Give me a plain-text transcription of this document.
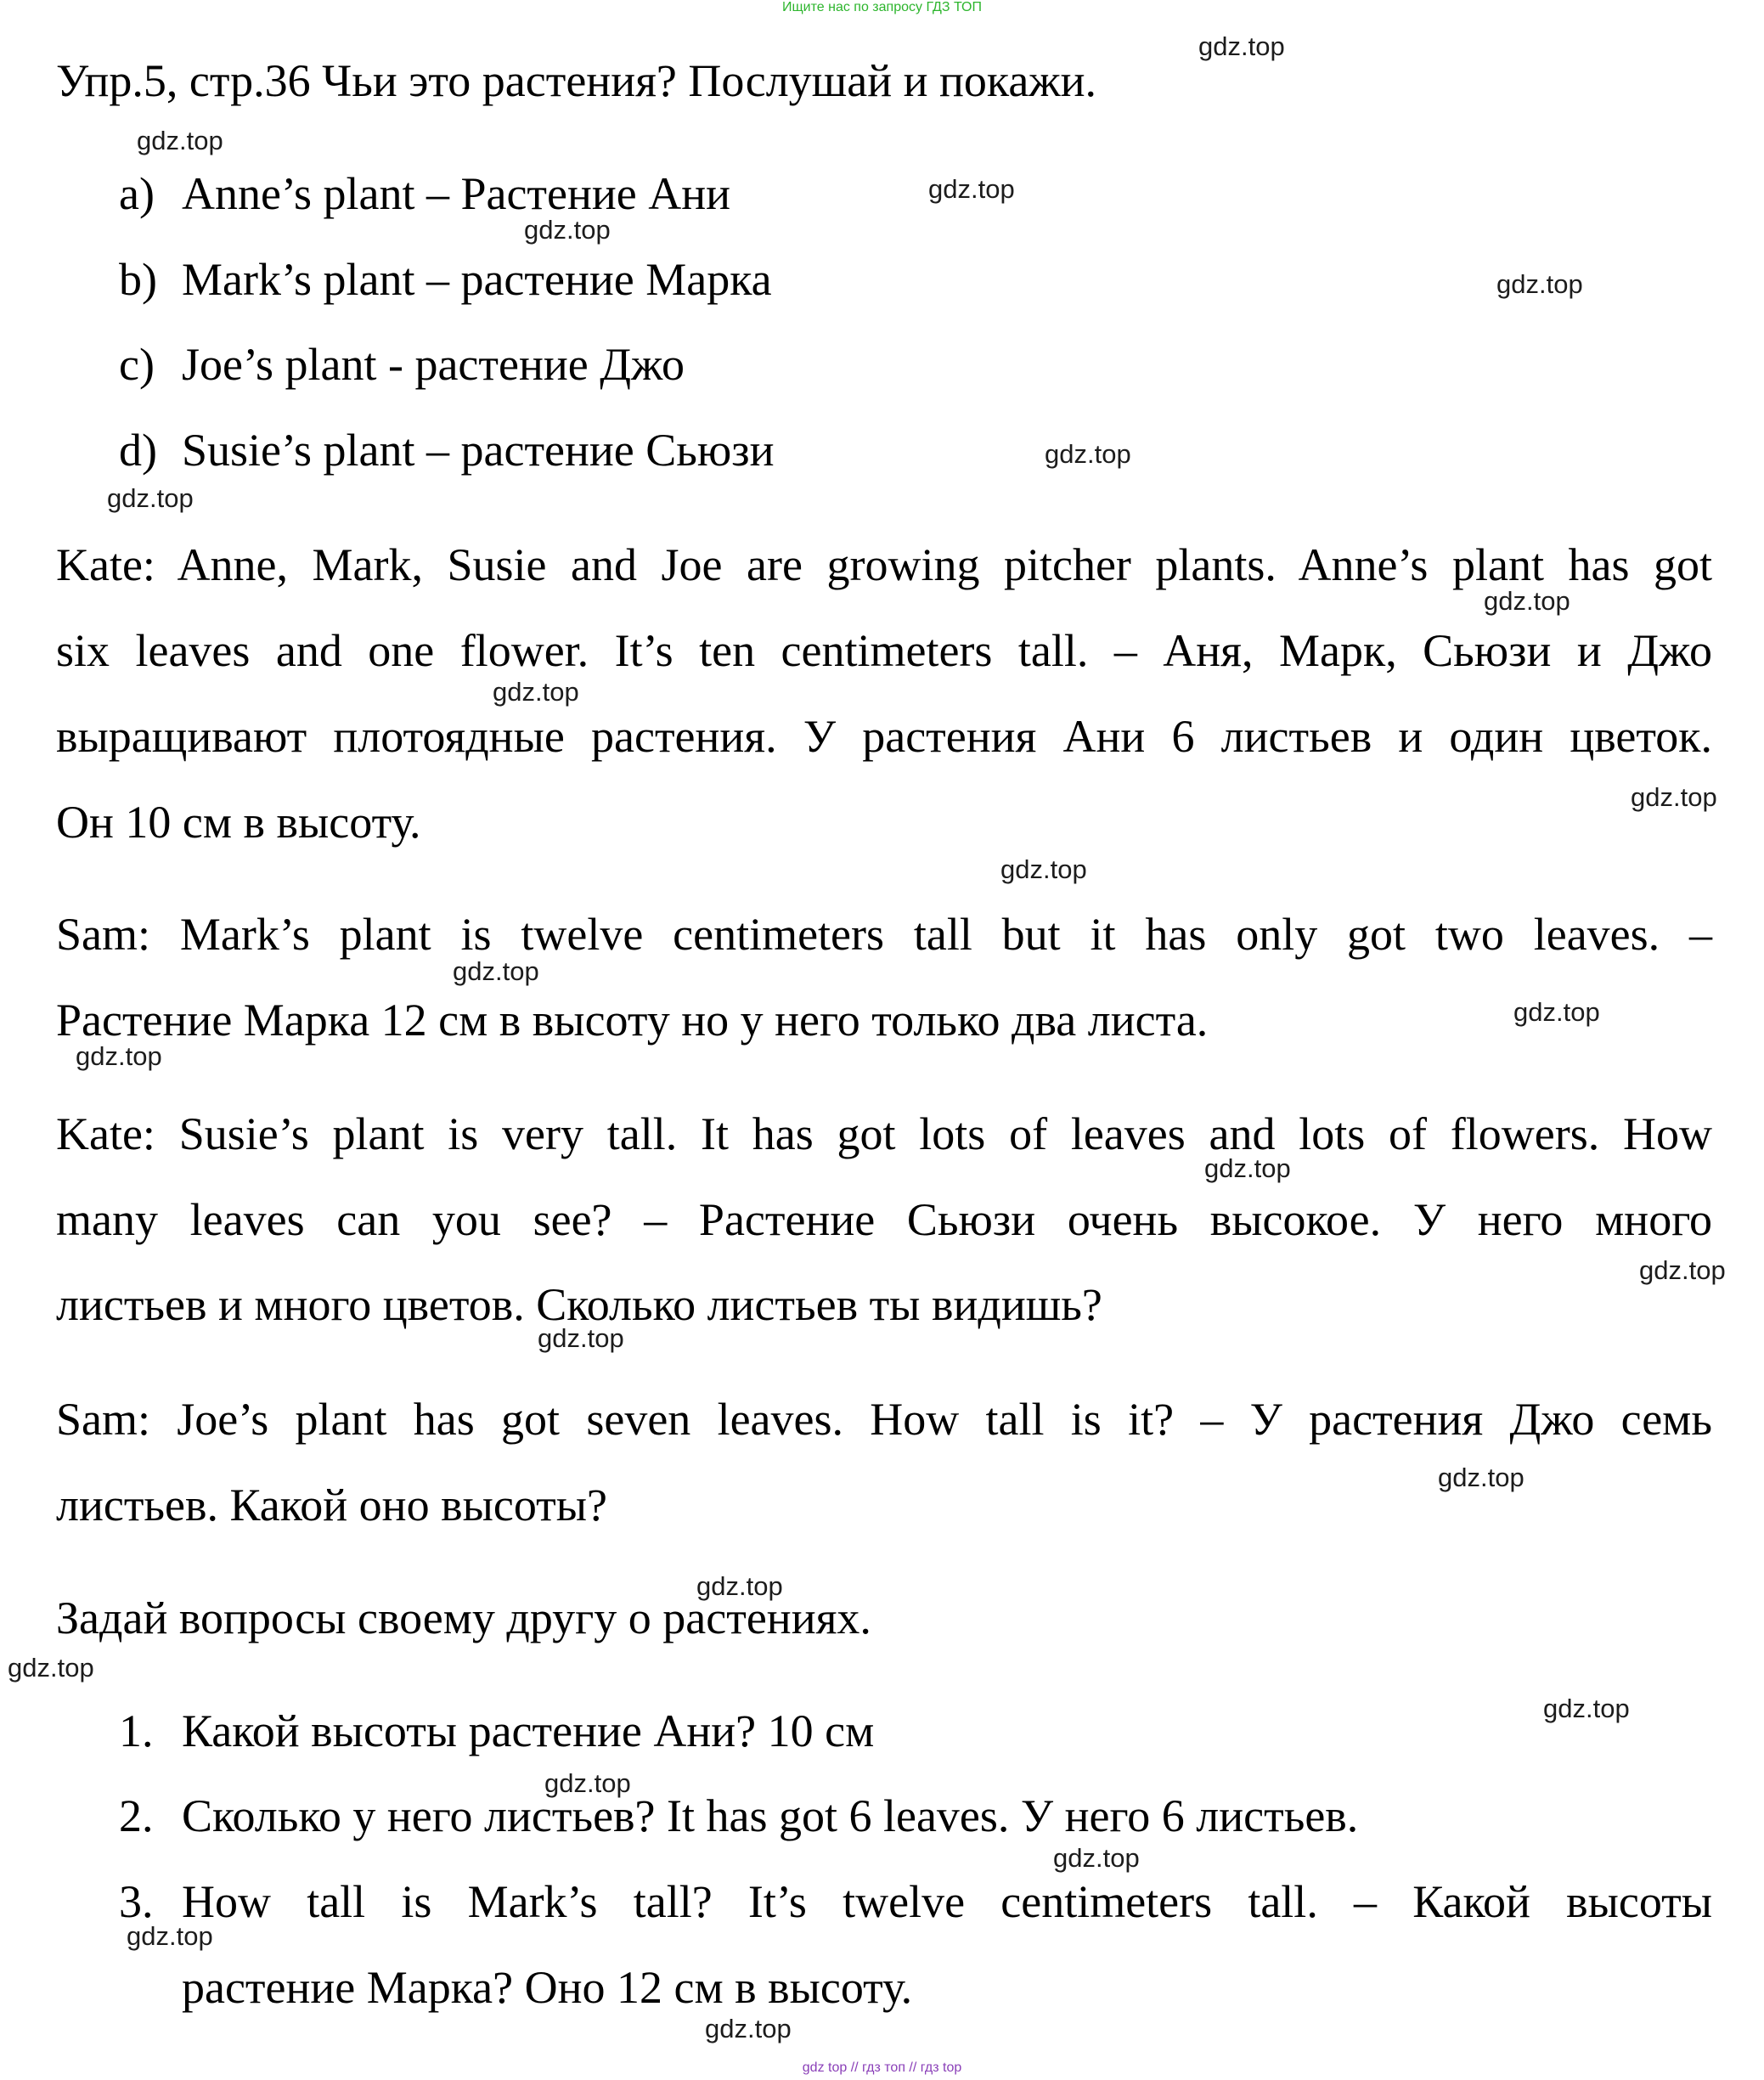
Ищите нас по запросу ГДЗ ТОП
Упр.5, стр.36 Чьи это растения? Послушай и покажи.
a) Anne’s plant – Растение Ани
b) Mark’s plant – растение Марка
c) Joe’s plant - растение Джо
d) Susie’s plant – растение Сьюзи
Kate: Anne, Mark, Susie and Joe are growing pitcher plants. Anne’s plant has got
six leaves and one flower. It’s ten centimeters tall. – Аня, Марк, Сьюзи и Джо
выращивают плотоядные растения. У растения Ани 6 листьев и один цветок.
Он 10 см в высоту.
Sam: Mark’s plant is twelve centimeters tall but it has only got two leaves. –
Растение Марка 12 см в высоту но у него только два листа.
Kate: Susie’s plant is very tall. It has got lots of leaves and lots of flowers. How
many leaves can you see? – Растение Сьюзи очень высокое. У него много
листьев и много цветов. Сколько листьев ты видишь?
Sam: Joe’s plant has got seven leaves. How tall is it? – У растения Джо семь
листьев. Какой оно высоты?
Задай вопросы своему другу о растениях.
1. Какой высоты растение Ани? 10 см
2. Сколько у него листьев? It has got 6 leaves. У него 6 листьев.
3. How tall is Mark’s tall? It’s twelve centimeters tall. – Какой высоты
растение Марка? Оно 12 см в высоту.
gdz.top
gdz.top
gdz.top
gdz.top
gdz.top
gdz.top
gdz.top
gdz.top
gdz.top
gdz.top
gdz.top
gdz.top
gdz.top
gdz.top
gdz.top
gdz.top
gdz.top
gdz.top
gdz.top
gdz.top
gdz.top
gdz.top
gdz.top
gdz.top
gdz.top
gdz top // гдз топ // гдз top
